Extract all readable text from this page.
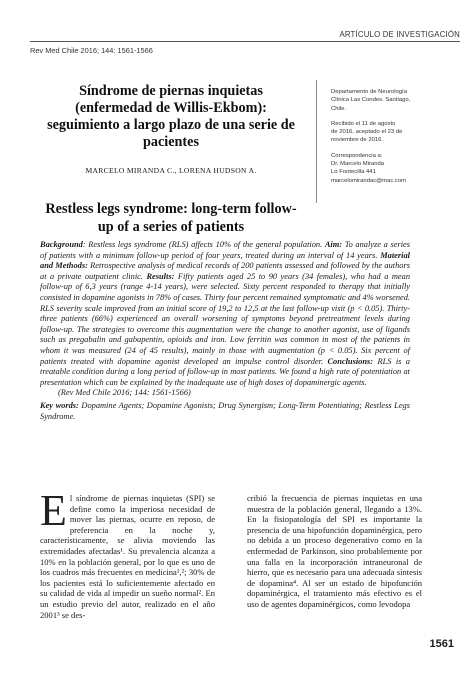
ARTÍCULO DE INVESTIGACIÓN
Rev Med Chile 2016; 144: 1561-1566
Síndrome de piernas inquietas (enfermedad de Willis-Ekbom): seguimiento a largo plazo de una serie de pacientes
MARCELO MIRANDA C., LORENA HUDSON A.

Departamento de Neurología
Clínica Las Condes. Santiago,
Chile.

Recibido el 11 de agosto
de 2016, aceptado el 23 de
noviembre de 2016.

Correspondencia a:
Dr. Marcelo Miranda
Lo Fontecilla 441
marcelomirandac@mac.com

Restless legs syndrome: long-term follow-up of a series of patients

Background: Restless legs syndrome (RLS) affects 10% of the general population. Aim: To analyze a series of patients with a minimum follow-up period of four years, treated during an interval of 14 years. Material and Methods: Retrospective analysis of medical records of 200 patients assessed and followed by the authors at a private outpatient clinic. Results: Fifty patients aged 25 to 90 years (34 females), who had a mean follow-up of 6,3 years (range 4-14 years), were selected. Sixty percent responded to therapy that initially consisted in dopamine agonists in 78% of cases. Thirty four percent remained symptomatic and 4% worsened. RLS severity scale improved from an initial score of 19,2 to 12,5 at the last follow-up visit (p < 0.05). Thirty-three patients (66%) experienced an overall worsening of symptoms beyond pretreatment levels during follow-up. The strategies to overcome this augmentation were the change to another agonist, use of ligands such as pregabalin and gabapentin, opioids and iron. Low ferritin was common in most of the patients in whom it was measured (24 of 45 results), mainly in those with augmentation (p < 0.05). Six percent of patients treated with dopamine agonist developed an impulse control disorder. Conclusions: RLS is a treatable condition during a long period of follow-up in most patients. We found a high rate of potentiation at presentation which can be explained by the inadequate use of high doses of dopaminergic agents.

(Rev Med Chile 2016; 144: 1561-1566)

Key words: Dopamine Agents; Dopamine Agonists; Drug Synergism; Long-Term Potentiating; Restless Legs Syndrome.

El síndrome de piernas inquietas (SPI) se define como la imperiosa necesidad de mover las piernas, ocurre en reposo, de preferencia en la noche y, característicamente, se alivia moviendo las extremidades afectadas¹. Su prevalencia alcanza a 10% en la población general, por lo que es uno de los cuadros más frecuentes en medicina¹,²; 30% de los pacientes está lo suficientemente afectado en su calidad de vida al impedir un sueño normal². En un estudio previo del autor, realizado en el año 2001³ se des-
cribió la frecuencia de piernas inquietas en una muestra de la población general, llegando a 13%. En la fisiopatología del SPI es importante la presencia de una hipofunción dopaminérgica, pero no debida a un proceso degenerativo como en la enfermedad de Parkinson, sino probablemente por una falla en la incorporación intraneuronal de hierro, que es necesario para una adecuada síntesis de dopamina⁴. Al ser un estado de hipofunción dopaminérgica, el tratamiento más efectivo es el uso de agentes dopaminérgicos, como levodopa
1561
